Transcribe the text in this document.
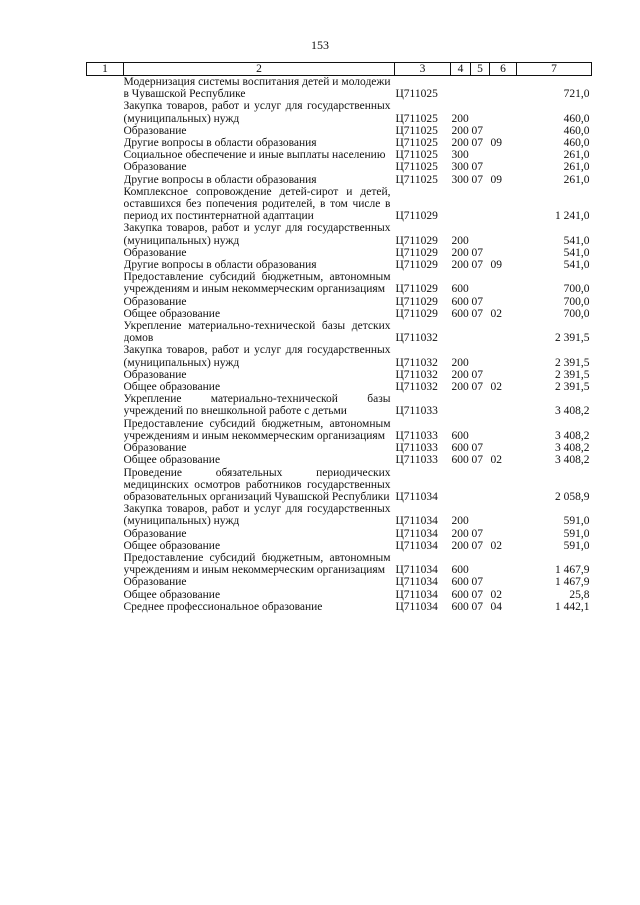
153
1	2	3	4	5	6	7
	Модернизация системы воспитания детей и молодежи в Чувашской Республике	Ц711025				721,0
	Закупка товаров, работ и услуг для государственных (муниципальных) нужд	Ц711025	200			460,0
	Образование	Ц711025	200	07		460,0
	Другие вопросы в области образования	Ц711025	200	07	09	460,0
	Социальное обеспечение и иные выплаты населению	Ц711025	300			261,0
	Образование	Ц711025	300	07		261,0
	Другие вопросы в области образования	Ц711025	300	07	09	261,0
	Комплексное сопровождение детей-сирот и детей, оставшихся без попечения родителей, в том числе в период их постинтернатной адаптации	Ц711029				1 241,0
	Закупка товаров, работ и услуг для государственных (муниципальных) нужд	Ц711029	200			541,0
	Образование	Ц711029	200	07		541,0
	Другие вопросы в области образования	Ц711029	200	07	09	541,0
	Предоставление субсидий бюджетным, автономным учреждениям и иным некоммерческим организациям	Ц711029	600			700,0
	Образование	Ц711029	600	07		700,0
	Общее образование	Ц711029	600	07	02	700,0
	Укрепление материально-технической базы детских домов	Ц711032				2 391,5
	Закупка товаров, работ и услуг для государственных (муниципальных) нужд	Ц711032	200			2 391,5
	Образование	Ц711032	200	07		2 391,5
	Общее образование	Ц711032	200	07	02	2 391,5
	Укрепление материально-технической базы учреждений по внешкольной работе с детьми	Ц711033				3 408,2
	Предоставление субсидий бюджетным, автономным учреждениям и иным некоммерческим организациям	Ц711033	600			3 408,2
	Образование	Ц711033	600	07		3 408,2
	Общее образование	Ц711033	600	07	02	3 408,2
	Проведение обязательных периодических медицинских осмотров работников государственных образовательных организаций Чувашской Республики	Ц711034				2 058,9
	Закупка товаров, работ и услуг для государственных (муниципальных) нужд	Ц711034	200			591,0
	Образование	Ц711034	200	07		591,0
	Общее образование	Ц711034	200	07	02	591,0
	Предоставление субсидий бюджетным, автономным учреждениям и иным некоммерческим организациям	Ц711034	600			1 467,9
	Образование	Ц711034	600	07		1 467,9
	Общее образование	Ц711034	600	07	02	25,8
	Среднее профессиональное образование	Ц711034	600	07	04	1 442,1
